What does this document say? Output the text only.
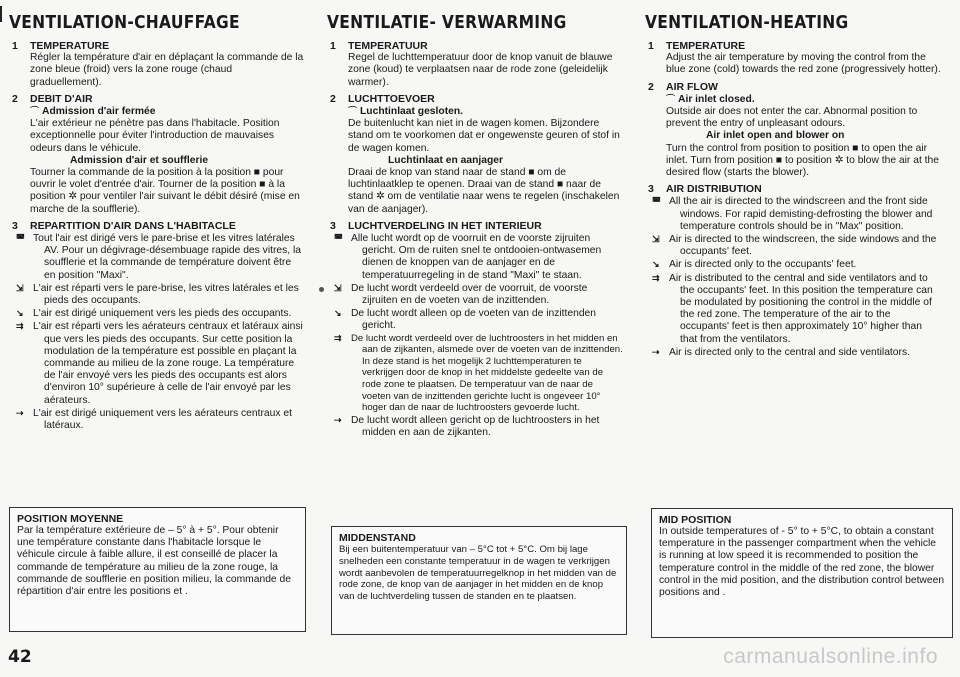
VENTILATION-CHAUFFAGE
1 TEMPERATURE

Régler la température d'air en déplaçant la commande de la zone bleue (froid) vers la zone rouge (chaud graduellement).

2 DEBIT D'AIR
⌒ Admission d'air fermée

L'air extérieur ne pénètre pas dans l'habitacle. Position exceptionnelle pour éviter l'introduction de mauvaises odeurs dans le véhicule.

Admission d'air et soufflerie

Tourner la commande de la position à la position ■ pour ouvrir le volet d'entrée d'air. Tourner de la position ■ à la position ✲ pour ventiler l'air suivant le débit désiré (mise en marche de la soufflerie).

3 REPARTITION D'AIR DANS L'HABITACLE

◚ Tout l'air est dirigé vers le pare-brise et les vitres latérales AV. Pour un dégivrage-désembuage rapide des vitres, la soufflerie et la commande de température doivent être en position "Maxi".

⇲ L'air est réparti vers le pare-brise, les vitres latérales et les pieds des occupants.

↘ L'air est dirigé uniquement vers les pieds des occupants.

⇉ L'air est réparti vers les aérateurs centraux et latéraux ainsi que vers les pieds des occupants. Sur cette position la modulation de la température est possible en plaçant la commande au milieu de la zone rouge. La température de l'air envoyé vers les pieds des occupants est alors d'environ 10° supérieure à celle de l'air envoyé par les aérateurs.

⇢ L'air est dirigé uniquement vers les aérateurs centraux et latéraux.

POSITION MOYENNE
Par la température extérieure de – 5° à + 5°. Pour obtenir une température constante dans l'habitacle lorsque le véhicule circule à faible allure, il est conseillé de placer la commande de température au milieu de la zone rouge, la commande de soufflerie en position milieu, la commande de répartition d'air entre les positions et .
VENTILATIE- VERWARMING
1 TEMPERATUUR

Regel de luchttemperatuur door de knop vanuit de blauwe zone (koud) te verplaatsen naar de rode zone (geleidelijk warmer).

2 LUCHTTOEVOER
⌒ Luchtinlaat gesloten.

De buitenlucht kan niet in de wagen komen. Bijzondere stand om te voorkomen dat er ongewenste geuren of stof in de wagen komen.

Luchtinlaat en aanjager

Draai de knop van stand naar de stand ■ om de luchtinlaatklep te openen. Draai van de stand ■ naar de stand ✲ om de ventilatie naar wens te regelen (inschakelen van de aanjager).

3 LUCHTVERDELING IN HET INTERIEUR

◚ Alle lucht wordt op de voorruit en de voorste zijruiten gericht. Om de ruiten snel te ontdooien-ontwasemen dienen de knoppen van de aanjager en de temperatuurregeling in de stand "Maxi" te staan.

⇲ De lucht wordt verdeeld over de voorruit, de voorste zijruiten en de voeten van de inzittenden.

↘ De lucht wordt alleen op de voeten van de inzittenden gericht.

⇉ De lucht wordt verdeeld over de luchtroosters in het midden en aan de zijkanten, alsmede over de voeten van de inzittenden. In deze stand is het mogelijk 2 luchttemperaturen te verkrijgen door de knop in het middelste gedeelte van de rode zone te plaatsen. De temperatuur van de naar de voeten van de inzittenden gerichte lucht is ongeveer 10° hoger dan de naar de luchtroosters gevoerde lucht.

⇢ De lucht wordt alleen gericht op de luchtroosters in het midden en aan de zijkanten.

MIDDENSTAND
Bij een buitentemperatuur van – 5°C tot + 5°C. Om bij lage snelheden een constante temperatuur in de wagen te verkrijgen wordt aanbevolen de temperatuurregelknop in het midden van de rode zone, de knop van de aanjager in het midden en de knop van de luchtverdeling tussen de standen en te plaatsen.
VENTILATION-HEATING
1 TEMPERATURE

Adjust the air temperature by moving the control from the blue zone (cold) towards the red zone (progressively hotter).

2 AIR FLOW
⌒ Air inlet closed.

Outside air does not enter the car. Abnormal position to prevent the entry of unpleasant odours.

Air inlet open and blower on

Turn the control from position to position ■ to open the air inlet. Turn from position ■ to position ✲ to blow the air at the desired flow (starts the blower).

3 AIR DISTRIBUTION

◚ All the air is directed to the windscreen and the front side windows. For rapid demisting-defrosting the blower and temperature controls should be in "Max" position.

⇲ Air is directed to the windscreen, the side windows and the occupants' feet.

↘ Air is directed only to the occupants' feet.

⇉ Air is distributed to the central and side ventilators and to the occupants' feet. In this position the temperature can be modulated by positioning the control in the middle of the red zone. The temperature of the air to the occupants' feet is then approximately 10° higher than that from the ventilators.

⇢ Air is directed only to the central and side ventilators.

MID POSITION
In outside temperatures of - 5° to + 5°C, to obtain a constant temperature in the passenger compartment when the vehicle is running at low speed it is recommended to position the temperature control in the middle of the red zone, the blower control in the mid position, and the distribution control between positions and .
42	carmanualsonline.info
